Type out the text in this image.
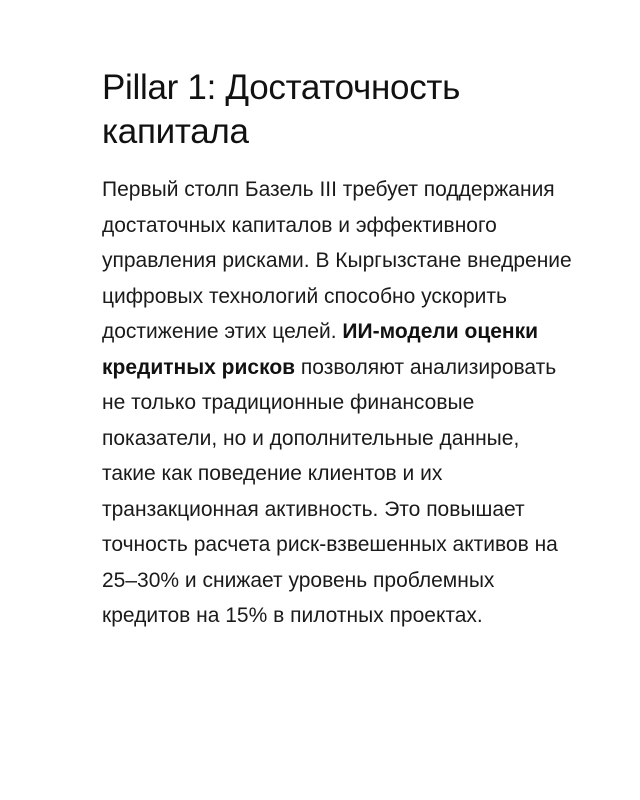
Pillar 1: Достаточность капитала

Первый столп Базель III требует поддержания достаточных капиталов и эффективного управления рисками. В Кыргызстане внедрение цифровых технологий способно ускорить достижение этих целей. ИИ-модели оценки кредитных рисков позволяют анализировать не только традиционные финансовые показатели, но и дополнительные данные, такие как поведение клиентов и их транзакционная активность. Это повышает точность расчета риск-взвешенных активов на 25–30% и снижает уровень проблемных кредитов на 15% в пилотных проектах.
